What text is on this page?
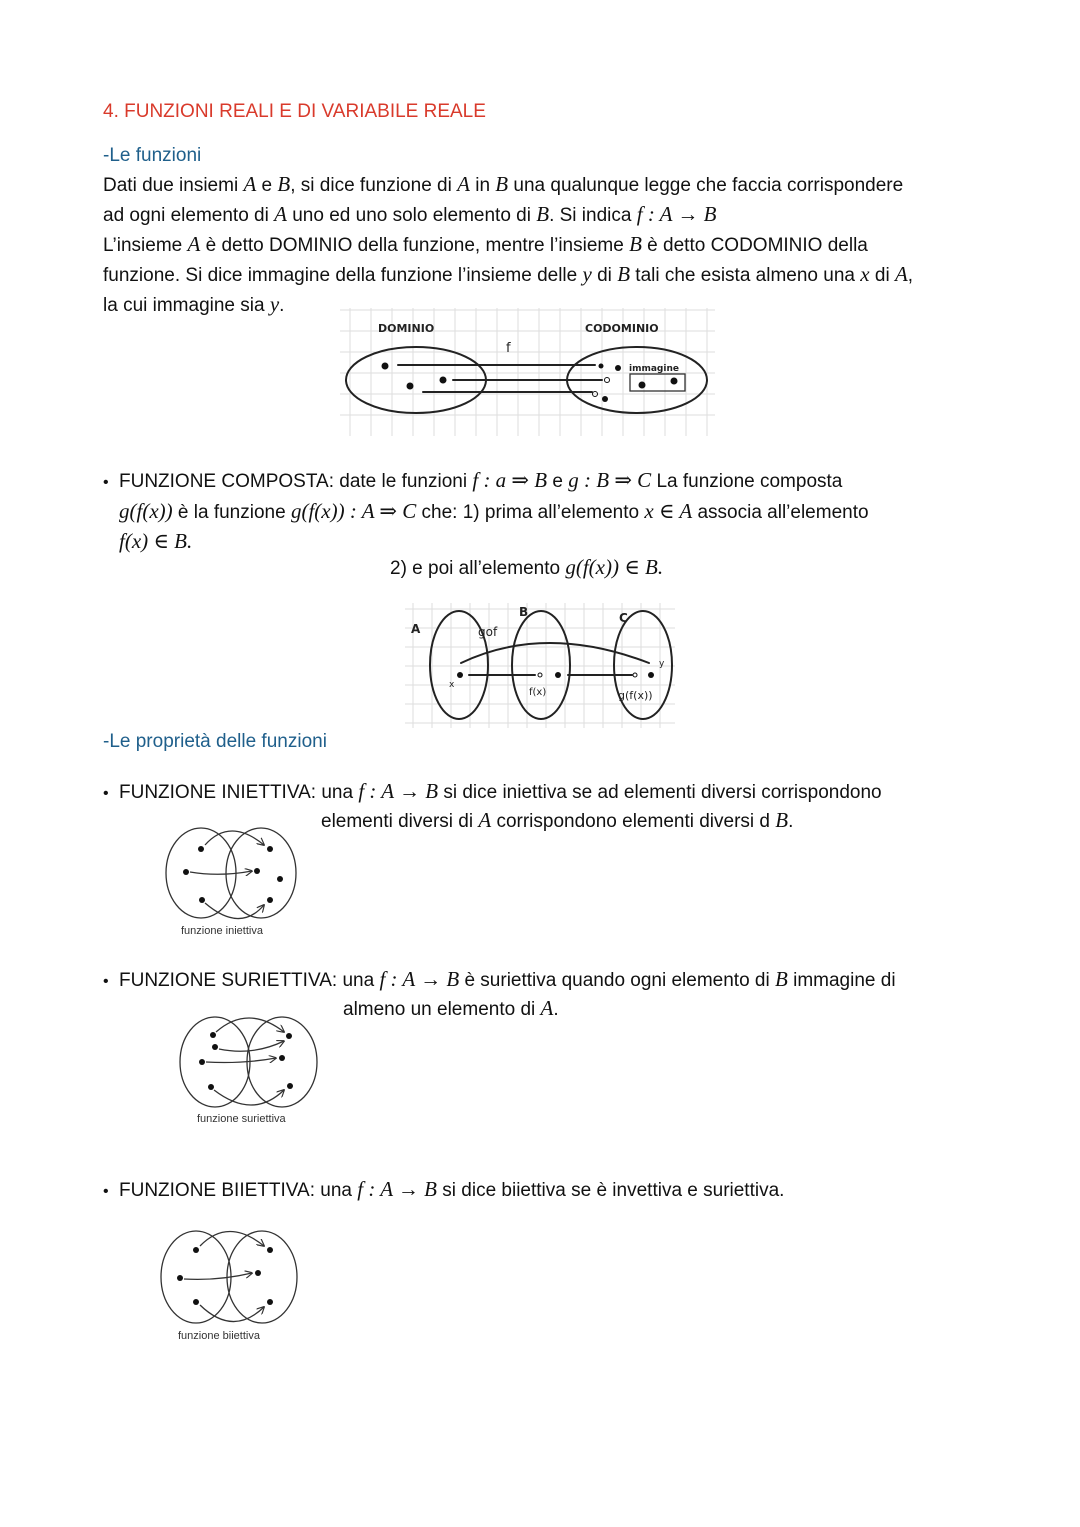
4. FUNZIONI REALI E DI VARIABILE REALE
-Le funzioni
Dati due insiemi A e B, si dice funzione di A in B una qualunque legge che faccia corrispondere
ad ogni elemento di A uno ed uno solo elemento di B. Si indica f : A → B
L’insieme A è detto DOMINIO della funzione, mentre l’insieme B è detto CODOMINIO della
funzione. Si dice immagine della funzione l’insieme delle y di B tali che esista almeno una x di A,
la cui immagine sia y.
DOMINIO	CODOMINIO
f
immagine
• FUNZIONE COMPOSTA: date le funzioni f : a ⇒ B e g : B ⇒ C La funzione composta
g(f(x)) è la funzione g(f(x)) : A ⇒ C che: 1) prima all’elemento x ∈ A associa all’elemento
f(x) ∈ B.
2) e poi all’elemento g(f(x)) ∈ B.
A
B	C
gof
x
f(x)
y
g(f(x))
-Le proprietà delle funzioni
• FUNZIONE INIETTIVA: una f : A → B si dice iniettiva se ad elementi diversi corrispondono
elementi diversi di A corrispondono elementi diversi d B.
funzione iniettiva
• FUNZIONE SURIETTIVA: una f : A → B è suriettiva quando ogni elemento di B immagine di
almeno un elemento di A.
funzione suriettiva
• FUNZIONE BIIETTIVA: una f : A → B si dice biiettiva se è invettiva e suriettiva.
funzione biiettiva
